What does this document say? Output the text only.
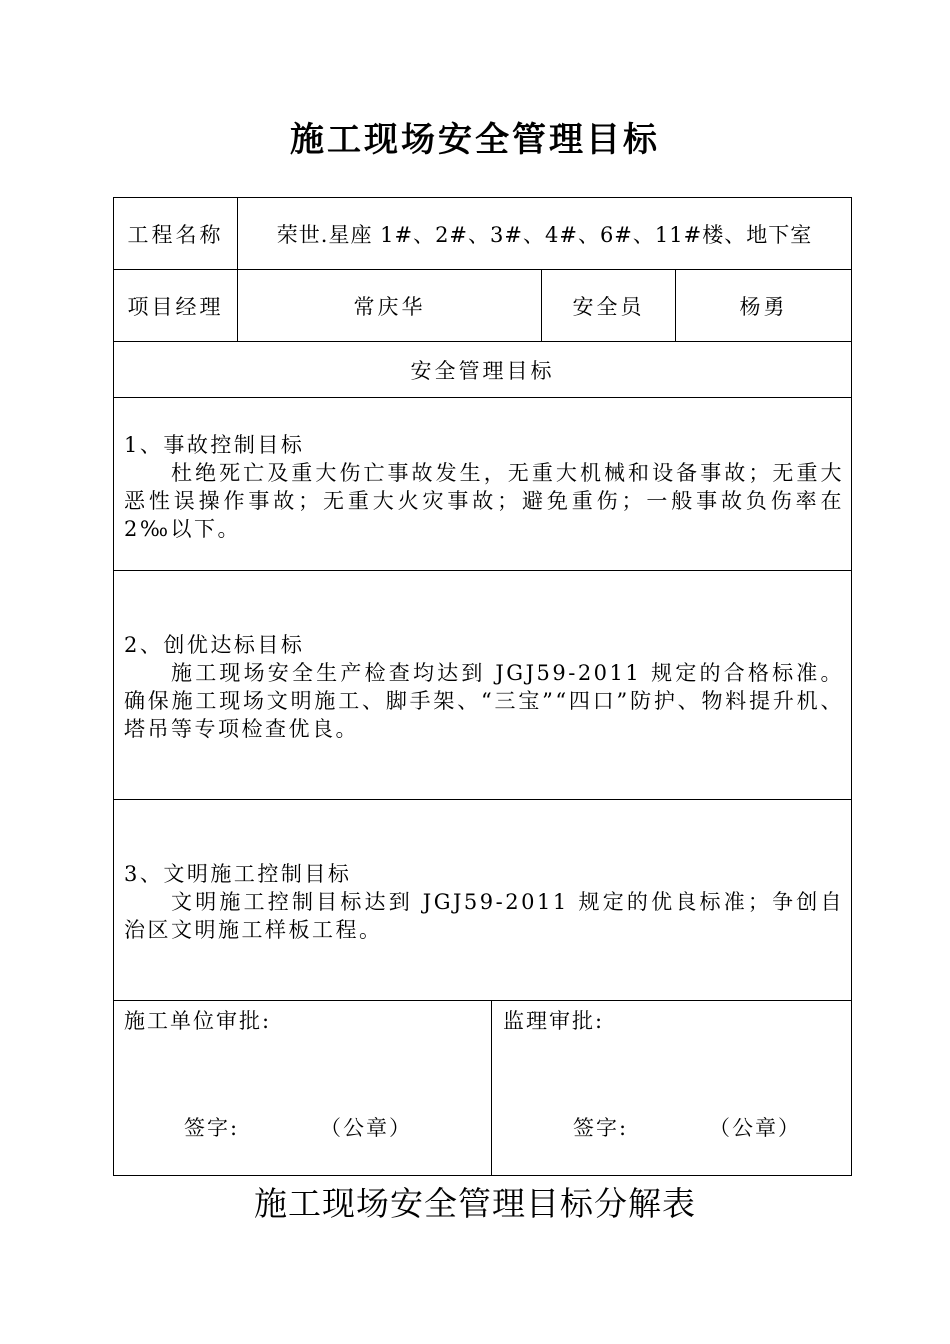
施工现场安全管理目标
工程名称	荣世.星座 1#、2#、3#、4#、6#、11#楼、地下室
项目经理	常庆华	安全员	杨勇
安全管理目标
1、事故控制目标
杜绝死亡及重大伤亡事故发生，无重大机械和设备事故；无重大恶性误操作事故；无重大火灾事故；避免重伤；一般事故负伤率在2‰以下。
2、创优达标目标
施工现场安全生产检查均达到 JGJ59-2011 规定的合格标准。确保施工现场文明施工、脚手架、“三宝”“四口”防护、物料提升机、塔吊等专项检查优良。
3、文明施工控制目标
文明施工控制目标达到 JGJ59-2011 规定的优良标准；争创自治区文明施工样板工程。
施工单位审批:	监理审批:
签字:	（公章）	签字:	（公章）
施工现场安全管理目标分解表
